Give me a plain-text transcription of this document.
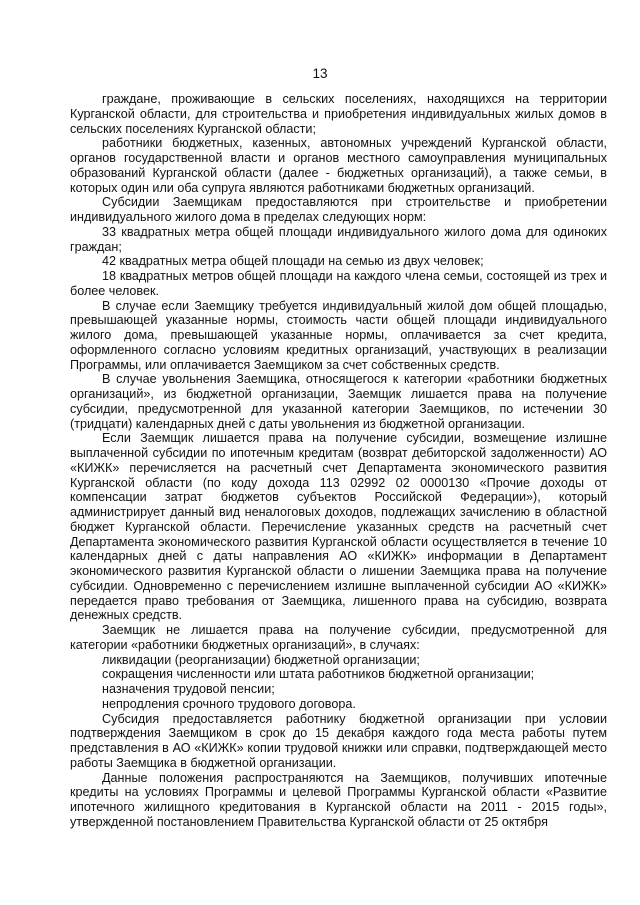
13

граждане, проживающие в сельских поселениях, находящихся на территории Курганской области, для строительства и приобретения индивидуальных жилых домов в сельских поселениях Курганской области;

работники бюджетных, казенных, автономных учреждений Курганской области, органов государственной власти и органов местного самоуправления муниципальных образований Курганской области (далее - бюджетных организаций), а также семьи, в которых один или оба супруга являются работниками бюджетных организаций.

Субсидии Заемщикам предоставляются при строительстве и приобретении индивидуального жилого дома в пределах следующих норм:

33 квадратных метра общей площади индивидуального жилого дома для одиноких граждан;

42 квадратных метра общей площади на семью из двух человек;

18 квадратных метров общей площади на каждого члена семьи, состоящей из трех и более человек.

В случае если Заемщику требуется индивидуальный жилой дом общей площадью, превышающей указанные нормы, стоимость части общей площади индивидуального жилого дома, превышающей указанные нормы, оплачивается за счет кредита, оформленного согласно условиям кредитных организаций, участвующих в реализации Программы, или оплачивается Заемщиком за счет собственных средств.

В случае увольнения Заемщика, относящегося к категории «работники бюджетных организаций», из бюджетной организации, Заемщик лишается права на получение субсидии, предусмотренной для указанной категории Заемщиков, по истечении 30 (тридцати) календарных дней с даты увольнения из бюджетной организации.

Если Заемщик лишается права на получение субсидии, возмещение излишне выплаченной субсидии по ипотечным кредитам (возврат дебиторской задолженности) АО «КИЖК» перечисляется на расчетный счет Департамента экономического развития Курганской области (по коду дохода 113 02992 02 0000130 «Прочие доходы от компенсации затрат бюджетов субъектов Российской Федерации»), который администрирует данный вид неналоговых доходов, подлежащих зачислению в областной бюджет Курганской области. Перечисление указанных средств на расчетный счет Департамента экономического развития Курганской области осуществляется в течение 10 календарных дней с даты направления АО «КИЖК» информации в Департамент экономического развития Курганской области о лишении Заемщика права на получение субсидии. Одновременно с перечислением излишне выплаченной субсидии АО «КИЖК» передается право требования от Заемщика, лишенного права на субсидию, возврата денежных средств.

Заемщик не лишается права на получение субсидии, предусмотренной для категории «работники бюджетных организаций», в случаях:

ликвидации (реорганизации) бюджетной организации;

сокращения численности или штата работников бюджетной организации;

назначения трудовой пенсии;

непродления срочного трудового договора.

Субсидия предоставляется работнику бюджетной организации при условии подтверждения Заемщиком в срок до 15 декабря каждого года места работы путем представления в АО «КИЖК» копии трудовой книжки или справки, подтверждающей место работы Заемщика в бюджетной организации.

Данные положения распространяются на Заемщиков, получивших ипотечные кредиты на условиях Программы и целевой Программы Курганской области «Развитие ипотечного жилищного кредитования в Курганской области на 2011 - 2015 годы», утвержденной постановлением Правительства Курганской области от 25 октября
